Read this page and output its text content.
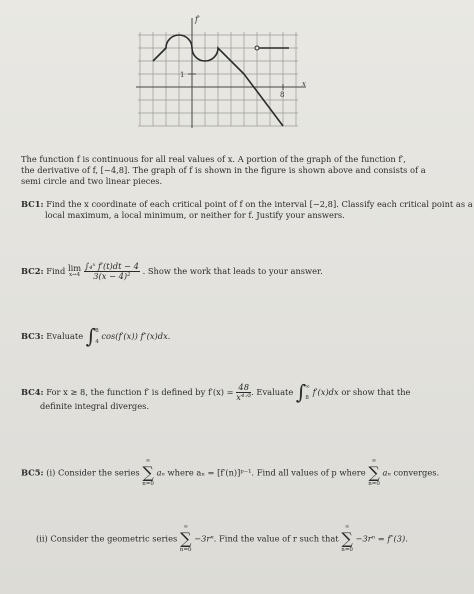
f′
x
1
8
The function f is continuous for all real values of x. A portion of the graph of the function f′,
the derivative of f, [−4,8]. The graph of f is shown in the figure is shown above and consists of a
semi circle and two linear pieces.
BC1: Find the x coordinate of each critical point of f on the interval [−2,8]. Classify each critical point as a
local maximum, a local minimum, or neither for f. Justify your answers.
BC2: Find lim
x→4
$\frac{\text{∫₄ˣ f′(t)dt − 4}}{\text{3(x − 4)²}}$ . Show the work that leads to your answer.
BC3: Evaluate ∫ 8
4
cos(f′(x)) f″(x)dx.
BC4: For x ≥ 8, the function f′ is defined by $f'(x) = \frac{48}{\text{x⁴ᐟ³}}$ . Evaluate ∫ ∞
8
f′(x)dx or show that the
definite integral diverges.
BC5: (i) Consider the series
∞
∑
n=0
aₙ where aₙ = [f′(n)]ᵖ⁻¹. Find all values of p where
∞
∑
n=0
aₙ converges.
(ii) Consider the geometric series
∞
∑
n=0
−3rⁿ. Find the value of r such that
∞
∑
n=0
−3rⁿ = f″(3).
